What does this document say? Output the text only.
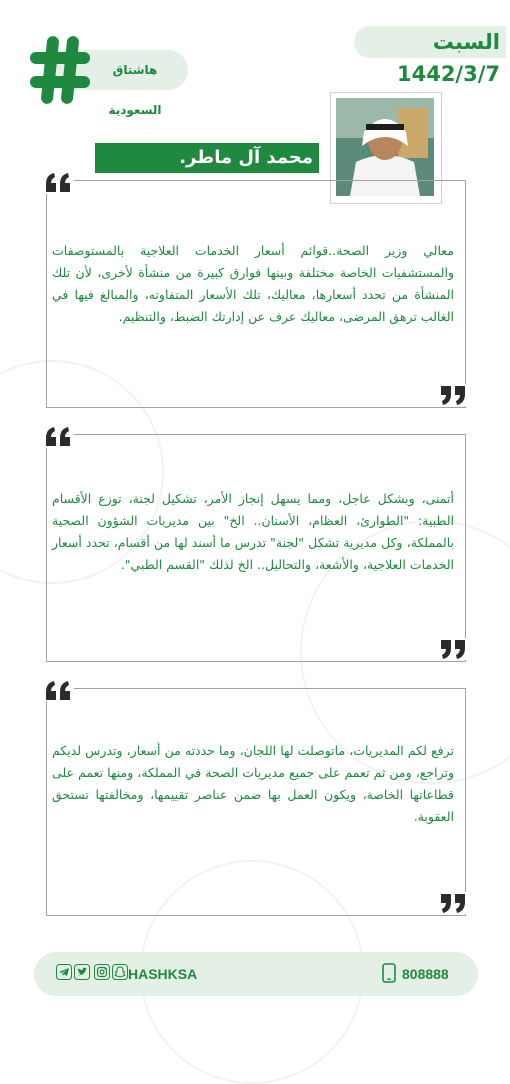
السبت 1442/3/7
هاشتاق السعودية
محمد آل ماطر.
معالي وزير الصحة..قوائم أسعار الخدمات العلاجية بالمستوصفات والمستشفيات الخاصة مختلفة وبينها فوارق كبيرة من منشأة لأخرى، لأن تلك المنشأة من تحدد أسعارها، معاليك، تلك الأسعار المتفاوته، والمبالغ فيها في الغالب ترهق المرضى، معاليك عرف عن إدارتك الضبط، والتنظيم.
أتمنى، وبشكل عاجل، ومما يسهل إنجاز الأمر، تشكيل لجنة، توزع الأقسام الطبية: "الطوارئ، العظام، الأسنان.. الخ" بين مديريات الشؤون الصحية بالمملكة، وكل مديرية تشكل "لجنة" تدرس ما أسند لها من أقسام، تحدد أسعار الخدمات العلاجية، والأشعة، والتحاليل.. الخ لذلك "القسم الطبي".
ترفع لكم المديريات، ماتوصلت لها اللجان، وما حددته من أسعار، وتدرس لديكم وتراجع، ومن ثم تعمم على جميع مديريات الصحة في المملكة، ومنها تعمم على قطاعاتها الخاصة، ويكون العمل بها ضمن عناصر تقييمها، ومخالفتها تستحق العقوبة.
HASHKSA	808888
